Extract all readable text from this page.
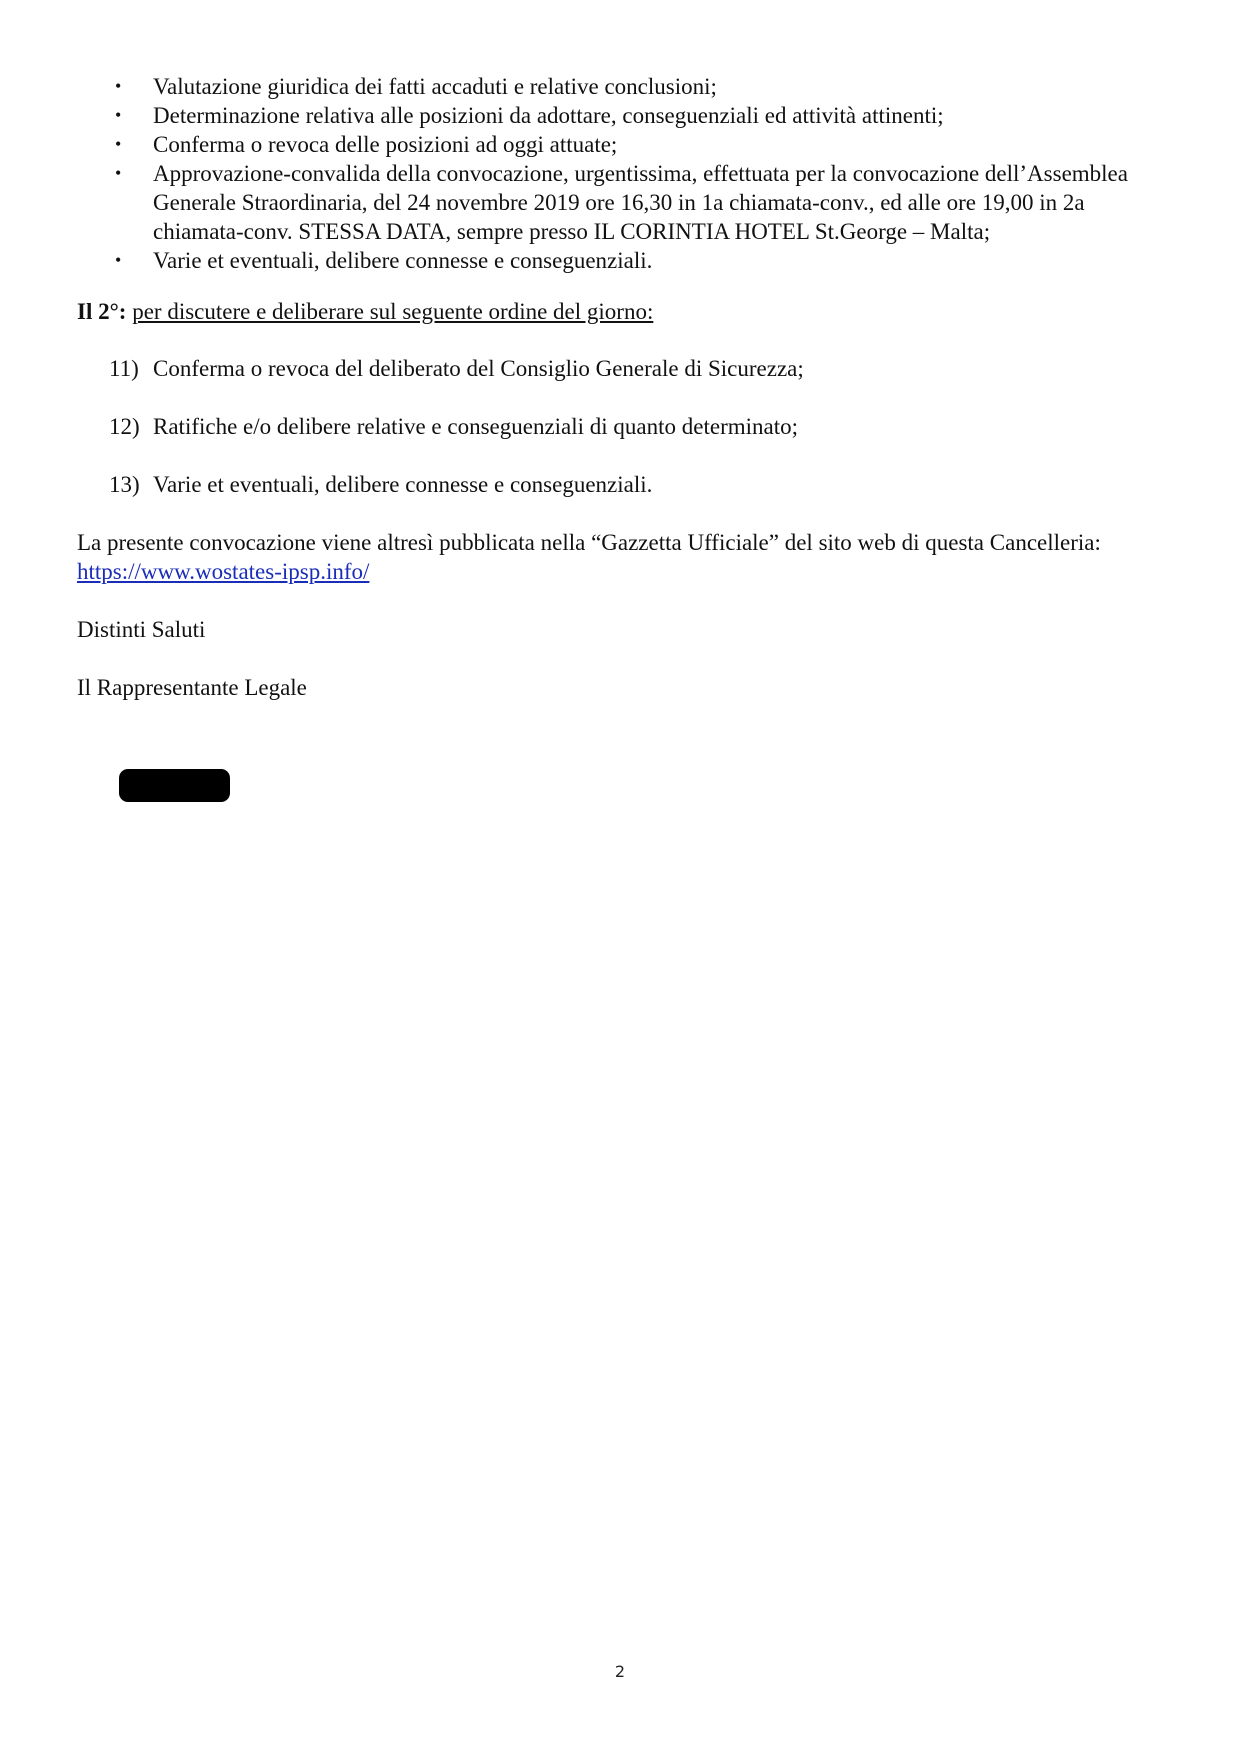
• Valutazione giuridica dei fatti accaduti e relative conclusioni;
• Determinazione relativa alle posizioni da adottare, conseguenziali ed attività attinenti;
• Conferma o revoca delle posizioni ad oggi attuate;
• Approvazione-convalida della convocazione, urgentissima, effettuata per la convocazione dell’Assemblea Generale Straordinaria, del 24 novembre 2019 ore 16,30 in 1a chiamata-conv., ed alle ore 19,00 in 2a chiamata-conv. STESSA DATA, sempre presso IL CORINTIA HOTEL St.George – Malta;
• Varie et eventuali, delibere connesse e conseguenziali.
Il 2°: per discutere e deliberare sul seguente ordine del giorno:
11) Conferma o revoca del deliberato del Consiglio Generale di Sicurezza;
12) Ratifiche e/o delibere relative e conseguenziali di quanto determinato;
13) Varie et eventuali, delibere connesse e conseguenziali.

La presente convocazione viene altresì pubblicata nella “Gazzetta Ufficiale” del sito web di questa Cancelleria: https://www.wostates-ipsp.info/

Distinti Saluti

Il Rappresentante Legale

2
